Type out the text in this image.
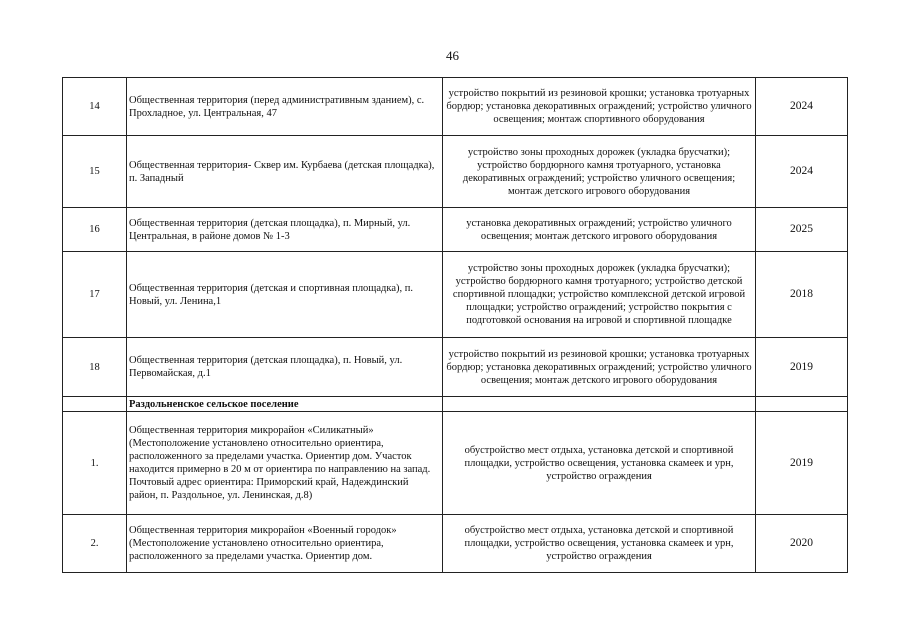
46
14	Общественная территория (перед административным зданием), с. Прохладное, ул. Центральная, 47	устройство покрытий из резиновой крошки; установка тротуарных бордюр; установка декоративных ограждений; устройство уличного освещения; монтаж спортивного оборудования	2024
15	Общественная территория- Сквер им. Курбаева (детская площадка), п. Западный	устройство зоны проходных дорожек (укладка брусчатки); устройство бордюрного камня тротуарного, установка декоративных ограждений; устройство уличного освещения; монтаж детского игрового оборудования	2024
16	Общественная территория (детская площадка), п. Мирный, ул. Центральная, в районе домов № 1-3	установка декоративных ограждений; устройство уличного освещения; монтаж детского игрового оборудования	2025
17	Общественная территория (детская и спортивная площадка), п. Новый, ул. Ленина,1	устройство зоны проходных дорожек (укладка брусчатки); устройство бордюрного камня тротуарного; устройство детской спортивной площадки; устройство комплексной детской игровой площадки; устройство ограждений; устройство покрытия с подготовкой основания на игровой и спортивной площадке	2018
18	Общественная территория (детская площадка), п. Новый, ул. Первомайская, д.1	устройство покрытий из резиновой крошки; установка тротуарных бордюр; установка декоративных ограждений; устройство уличного освещения; монтаж детского игрового оборудования	2019
	Раздольненское сельское поселение		
1.	Общественная территория микрорайон «Силикатный» (Местоположение установлено относительно ориентира, расположенного за пределами участка. Ориентир дом. Участок находится примерно в 20 м от ориентира по направлению на запад. Почтовый адрес ориентира: Приморский край, Надеждинский район, п. Раздольное, ул. Ленинская, д.8)	обустройство мест отдыха, установка детской и спортивной площадки, устройство освещения, установка скамеек и урн, устройство ограждения	2019
2.	Общественная территория микрорайон «Военный городок» (Местоположение установлено относительно ориентира, расположенного за пределами участка. Ориентир дом.	обустройство мест отдыха, установка детской и спортивной площадки, устройство освещения, установка скамеек и урн, устройство ограждения	2020
